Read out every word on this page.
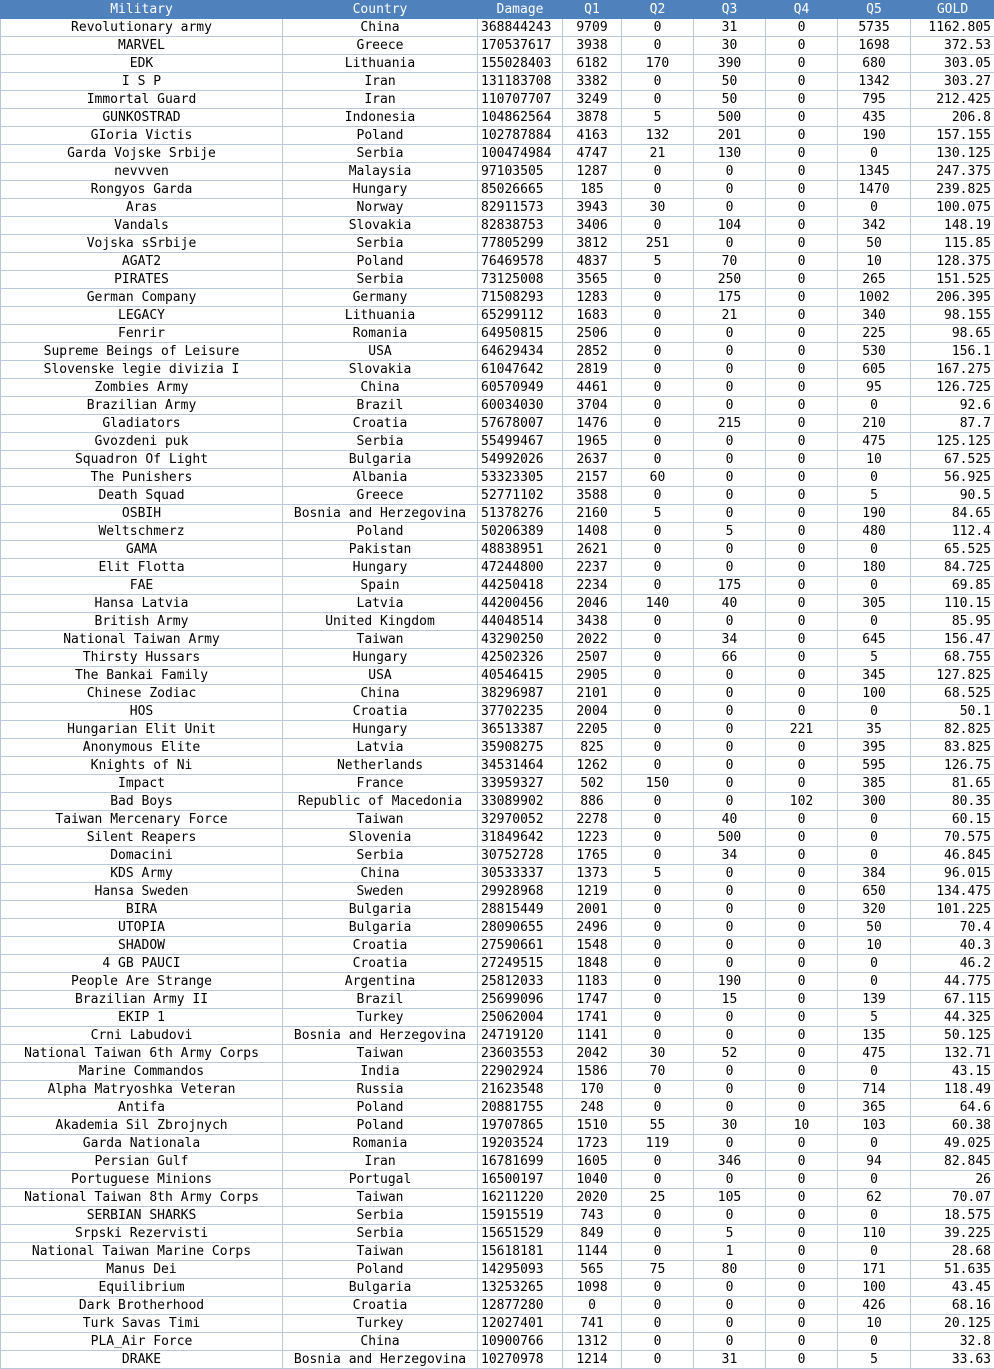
Military	Country	Damage	Q1	Q2	Q3	Q4	Q5	GOLD
Revolutionary army	China	368844243	9709	0	31	0	5735	1162.805
MARVEL	Greece	170537617	3938	0	30	0	1698	372.53
EDK	Lithuania	155028403	6182	170	390	0	680	303.05
I S P	Iran	131183708	3382	0	50	0	1342	303.27
Immortal Guard	Iran	110707707	3249	0	50	0	795	212.425
GUNKOSTRAD	Indonesia	104862564	3878	5	500	0	435	206.8
GIoria Victis	Poland	102787884	4163	132	201	0	190	157.155
Garda Vojske Srbije	Serbia	100474984	4747	21	130	0	0	130.125
nevvven	Malaysia	97103505	1287	0	0	0	1345	247.375
Rongyos Garda	Hungary	85026665	185	0	0	0	1470	239.825
Aras	Norway	82911573	3943	30	0	0	0	100.075
Vandals	Slovakia	82838753	3406	0	104	0	342	148.19
Vojska sSrbije	Serbia	77805299	3812	251	0	0	50	115.85
AGAT2	Poland	76469578	4837	5	70	0	10	128.375
PIRATES	Serbia	73125008	3565	0	250	0	265	151.525
German Company	Germany	71508293	1283	0	175	0	1002	206.395
LEGACY	Lithuania	65299112	1683	0	21	0	340	98.155
Fenrir	Romania	64950815	2506	0	0	0	225	98.65
Supreme Beings of Leisure	USA	64629434	2852	0	0	0	530	156.1
Slovenske legie divizia I	Slovakia	61047642	2819	0	0	0	605	167.275
Zombies Army	China	60570949	4461	0	0	0	95	126.725
Brazilian Army	Brazil	60034030	3704	0	0	0	0	92.6
Gladiators	Croatia	57678007	1476	0	215	0	210	87.7
Gvozdeni puk	Serbia	55499467	1965	0	0	0	475	125.125
Squadron Of Light	Bulgaria	54992026	2637	0	0	0	10	67.525
The Punishers	Albania	53323305	2157	60	0	0	0	56.925
Death Squad	Greece	52771102	3588	0	0	0	5	90.5
OSBIH	Bosnia and Herzegovina	51378276	2160	5	0	0	190	84.65
Weltschmerz	Poland	50206389	1408	0	5	0	480	112.4
GAMA	Pakistan	48838951	2621	0	0	0	0	65.525
Elit Flotta	Hungary	47244800	2237	0	0	0	180	84.725
FAE	Spain	44250418	2234	0	175	0	0	69.85
Hansa Latvia	Latvia	44200456	2046	140	40	0	305	110.15
British Army	United Kingdom	44048514	3438	0	0	0	0	85.95
National Taiwan Army	Taiwan	43290250	2022	0	34	0	645	156.47
Thirsty Hussars	Hungary	42502326	2507	0	66	0	5	68.755
The Bankai Family	USA	40546415	2905	0	0	0	345	127.825
Chinese Zodiac	China	38296987	2101	0	0	0	100	68.525
HOS	Croatia	37702235	2004	0	0	0	0	50.1
Hungarian Elit Unit	Hungary	36513387	2205	0	0	221	35	82.825
Anonymous Elite	Latvia	35908275	825	0	0	0	395	83.825
Knights of Ni	Netherlands	34531464	1262	0	0	0	595	126.75
Impact	France	33959327	502	150	0	0	385	81.65
Bad Boys	Republic of Macedonia	33089902	886	0	0	102	300	80.35
Taiwan Mercenary Force	Taiwan	32970052	2278	0	40	0	0	60.15
Silent Reapers	Slovenia	31849642	1223	0	500	0	0	70.575
Domacini	Serbia	30752728	1765	0	34	0	0	46.845
KDS Army	China	30533337	1373	5	0	0	384	96.015
Hansa Sweden	Sweden	29928968	1219	0	0	0	650	134.475
BIRA	Bulgaria	28815449	2001	0	0	0	320	101.225
UTOPIA	Bulgaria	28090655	2496	0	0	0	50	70.4
SHADOW	Croatia	27590661	1548	0	0	0	10	40.3
4 GB PAUCI	Croatia	27249515	1848	0	0	0	0	46.2
People Are Strange	Argentina	25812033	1183	0	190	0	0	44.775
Brazilian Army II	Brazil	25699096	1747	0	15	0	139	67.115
EKIP 1	Turkey	25062004	1741	0	0	0	5	44.325
Crni Labudovi	Bosnia and Herzegovina	24719120	1141	0	0	0	135	50.125
National Taiwan 6th Army Corps	Taiwan	23603553	2042	30	52	0	475	132.71
Marine Commandos	India	22902924	1586	70	0	0	0	43.15
Alpha Matryoshka Veteran	Russia	21623548	170	0	0	0	714	118.49
Antifa	Poland	20881755	248	0	0	0	365	64.6
Akademia Sil Zbrojnych	Poland	19707865	1510	55	30	10	103	60.38
Garda Nationala	Romania	19203524	1723	119	0	0	0	49.025
Persian Gulf	Iran	16781699	1605	0	346	0	94	82.845
Portuguese Minions	Portugal	16500197	1040	0	0	0	0	26
National Taiwan 8th Army Corps	Taiwan	16211220	2020	25	105	0	62	70.07
SERBIAN SHARKS	Serbia	15915519	743	0	0	0	0	18.575
Srpski Rezervisti	Serbia	15651529	849	0	5	0	110	39.225
National Taiwan Marine Corps	Taiwan	15618181	1144	0	1	0	0	28.68
Manus Dei	Poland	14295093	565	75	80	0	171	51.635
Equilibrium	Bulgaria	13253265	1098	0	0	0	100	43.45
Dark Brotherhood	Croatia	12877280	0	0	0	0	426	68.16
Turk Savas Timi	Turkey	12027401	741	0	0	0	10	20.125
PLA_Air Force	China	10900766	1312	0	0	0	0	32.8
DRAKE	Bosnia and Herzegovina	10270978	1214	0	31	0	5	33.63
